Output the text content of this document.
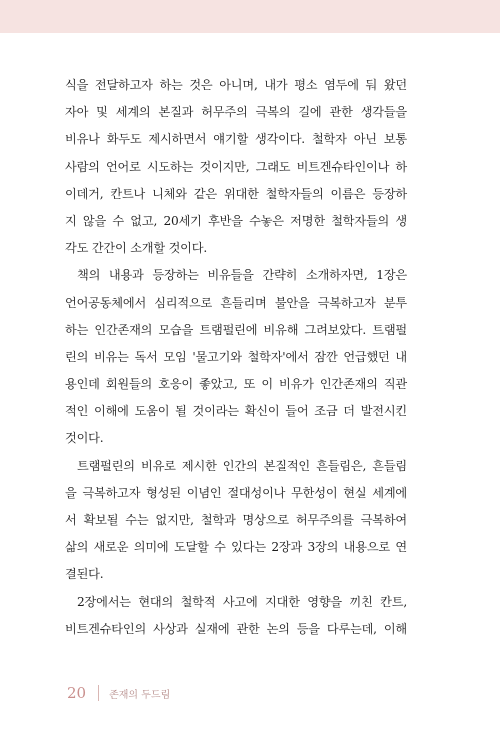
식을 전달하고자 하는 것은 아니며, 내가 평소 염두에 둬 왔던
자아 및 세계의 본질과 허무주의 극복의 길에 관한 생각들을
비유나 화두도 제시하면서 얘기할 생각이다. 철학자 아닌 보통
사람의 언어로 시도하는 것이지만, 그래도 비트겐슈타인이나 하
이데거, 칸트나 니체와 같은 위대한 철학자들의 이름은 등장하
지 않을 수 없고, 20세기 후반을 수놓은 저명한 철학자들의 생
각도 간간이 소개할 것이다.
책의 내용과 등장하는 비유들을 간략히 소개하자면, 1장은
언어공동체에서 심리적으로 흔들리며 불안을 극복하고자 분투
하는 인간존재의 모습을 트램펄린에 비유해 그려보았다. 트램펄
린의 비유는 독서 모임 '물고기와 철학자'에서 잠깐 언급했던 내
용인데 회원들의 호응이 좋았고, 또 이 비유가 인간존재의 직관
적인 이해에 도움이 될 것이라는 확신이 들어 조금 더 발전시킨
것이다.
트램펄린의 비유로 제시한 인간의 본질적인 흔들림은, 흔들림
을 극복하고자 형성된 이념인 절대성이나 무한성이 현실 세계에
서 확보될 수는 없지만, 철학과 명상으로 허무주의를 극복하여
삶의 새로운 의미에 도달할 수 있다는 2장과 3장의 내용으로 연
결된다.
2장에서는 현대의 철학적 사고에 지대한 영향을 끼친 칸트,
비트겐슈타인의 사상과 실재에 관한 논의 등을 다루는데, 이해
20 존재의 두드림
